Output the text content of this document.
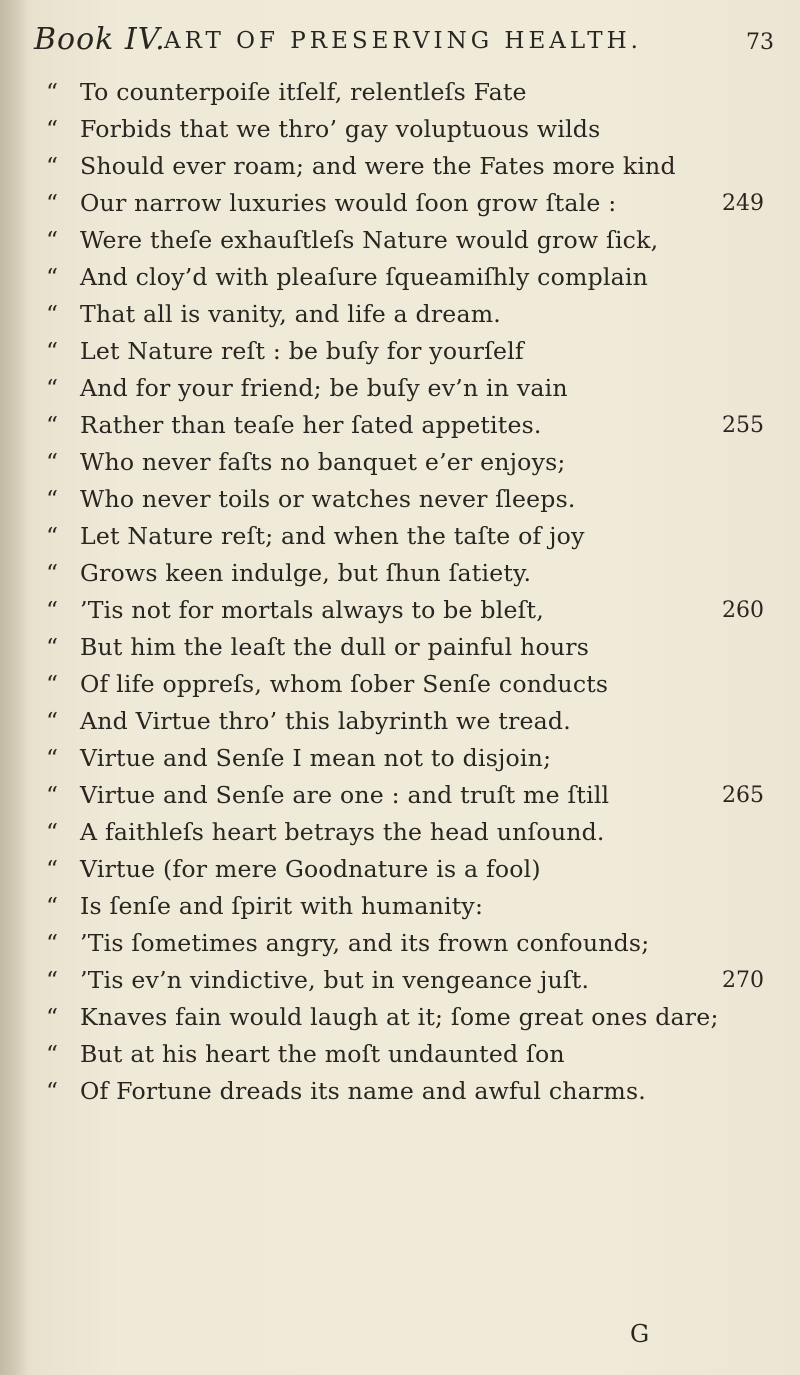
Book IV.
ART OF PRESERVING HEALTH.	73
“ To counterpoiſe itſelf, relentleſs Fate
“ Forbids that we thro’ gay voluptuous wilds
“ Should ever roam; and were the Fates more kind
“ Our narrow luxuries would ſoon grow ſtale :	249
“ Were theſe exhauſtleſs Nature would grow ſick,
“ And cloy’d with pleaſure ſqueamiſhly complain
“ That all is vanity, and life a dream.
“ Let Nature reſt : be buſy for yourſelf
“ And for your friend; be buſy ev’n in vain
“ Rather than teaſe her ſated appetites.	255
“ Who never faſts no banquet e’er enjoys;
“ Who never toils or watches never ſleeps.
“ Let Nature reſt; and when the taſte of joy
“ Grows keen indulge, but ſhun ſatiety.
“ ’Tis not for mortals always to be bleſt,	260
“ But him the leaſt the dull or painful hours
“ Of life oppreſs, whom ſober Senſe conducts
“ And Virtue thro’ this labyrinth we tread.
“ Virtue and Senſe I mean not to disjoin;
“ Virtue and Senſe are one : and truſt me ſtill	265
“ A faithleſs heart betrays the head unſound.
“ Virtue (for mere Goodnature is a fool)
“ Is ſenſe and ſpirit with humanity:
“ ’Tis ſometimes angry, and its frown confounds;
“ ’Tis ev’n vindictive, but in vengeance juſt.	270
“ Knaves fain would laugh at it; ſome great ones dare;
“ But at his heart the moſt undaunted ſon
“ Of Fortune dreads its name and awful charms.
G
